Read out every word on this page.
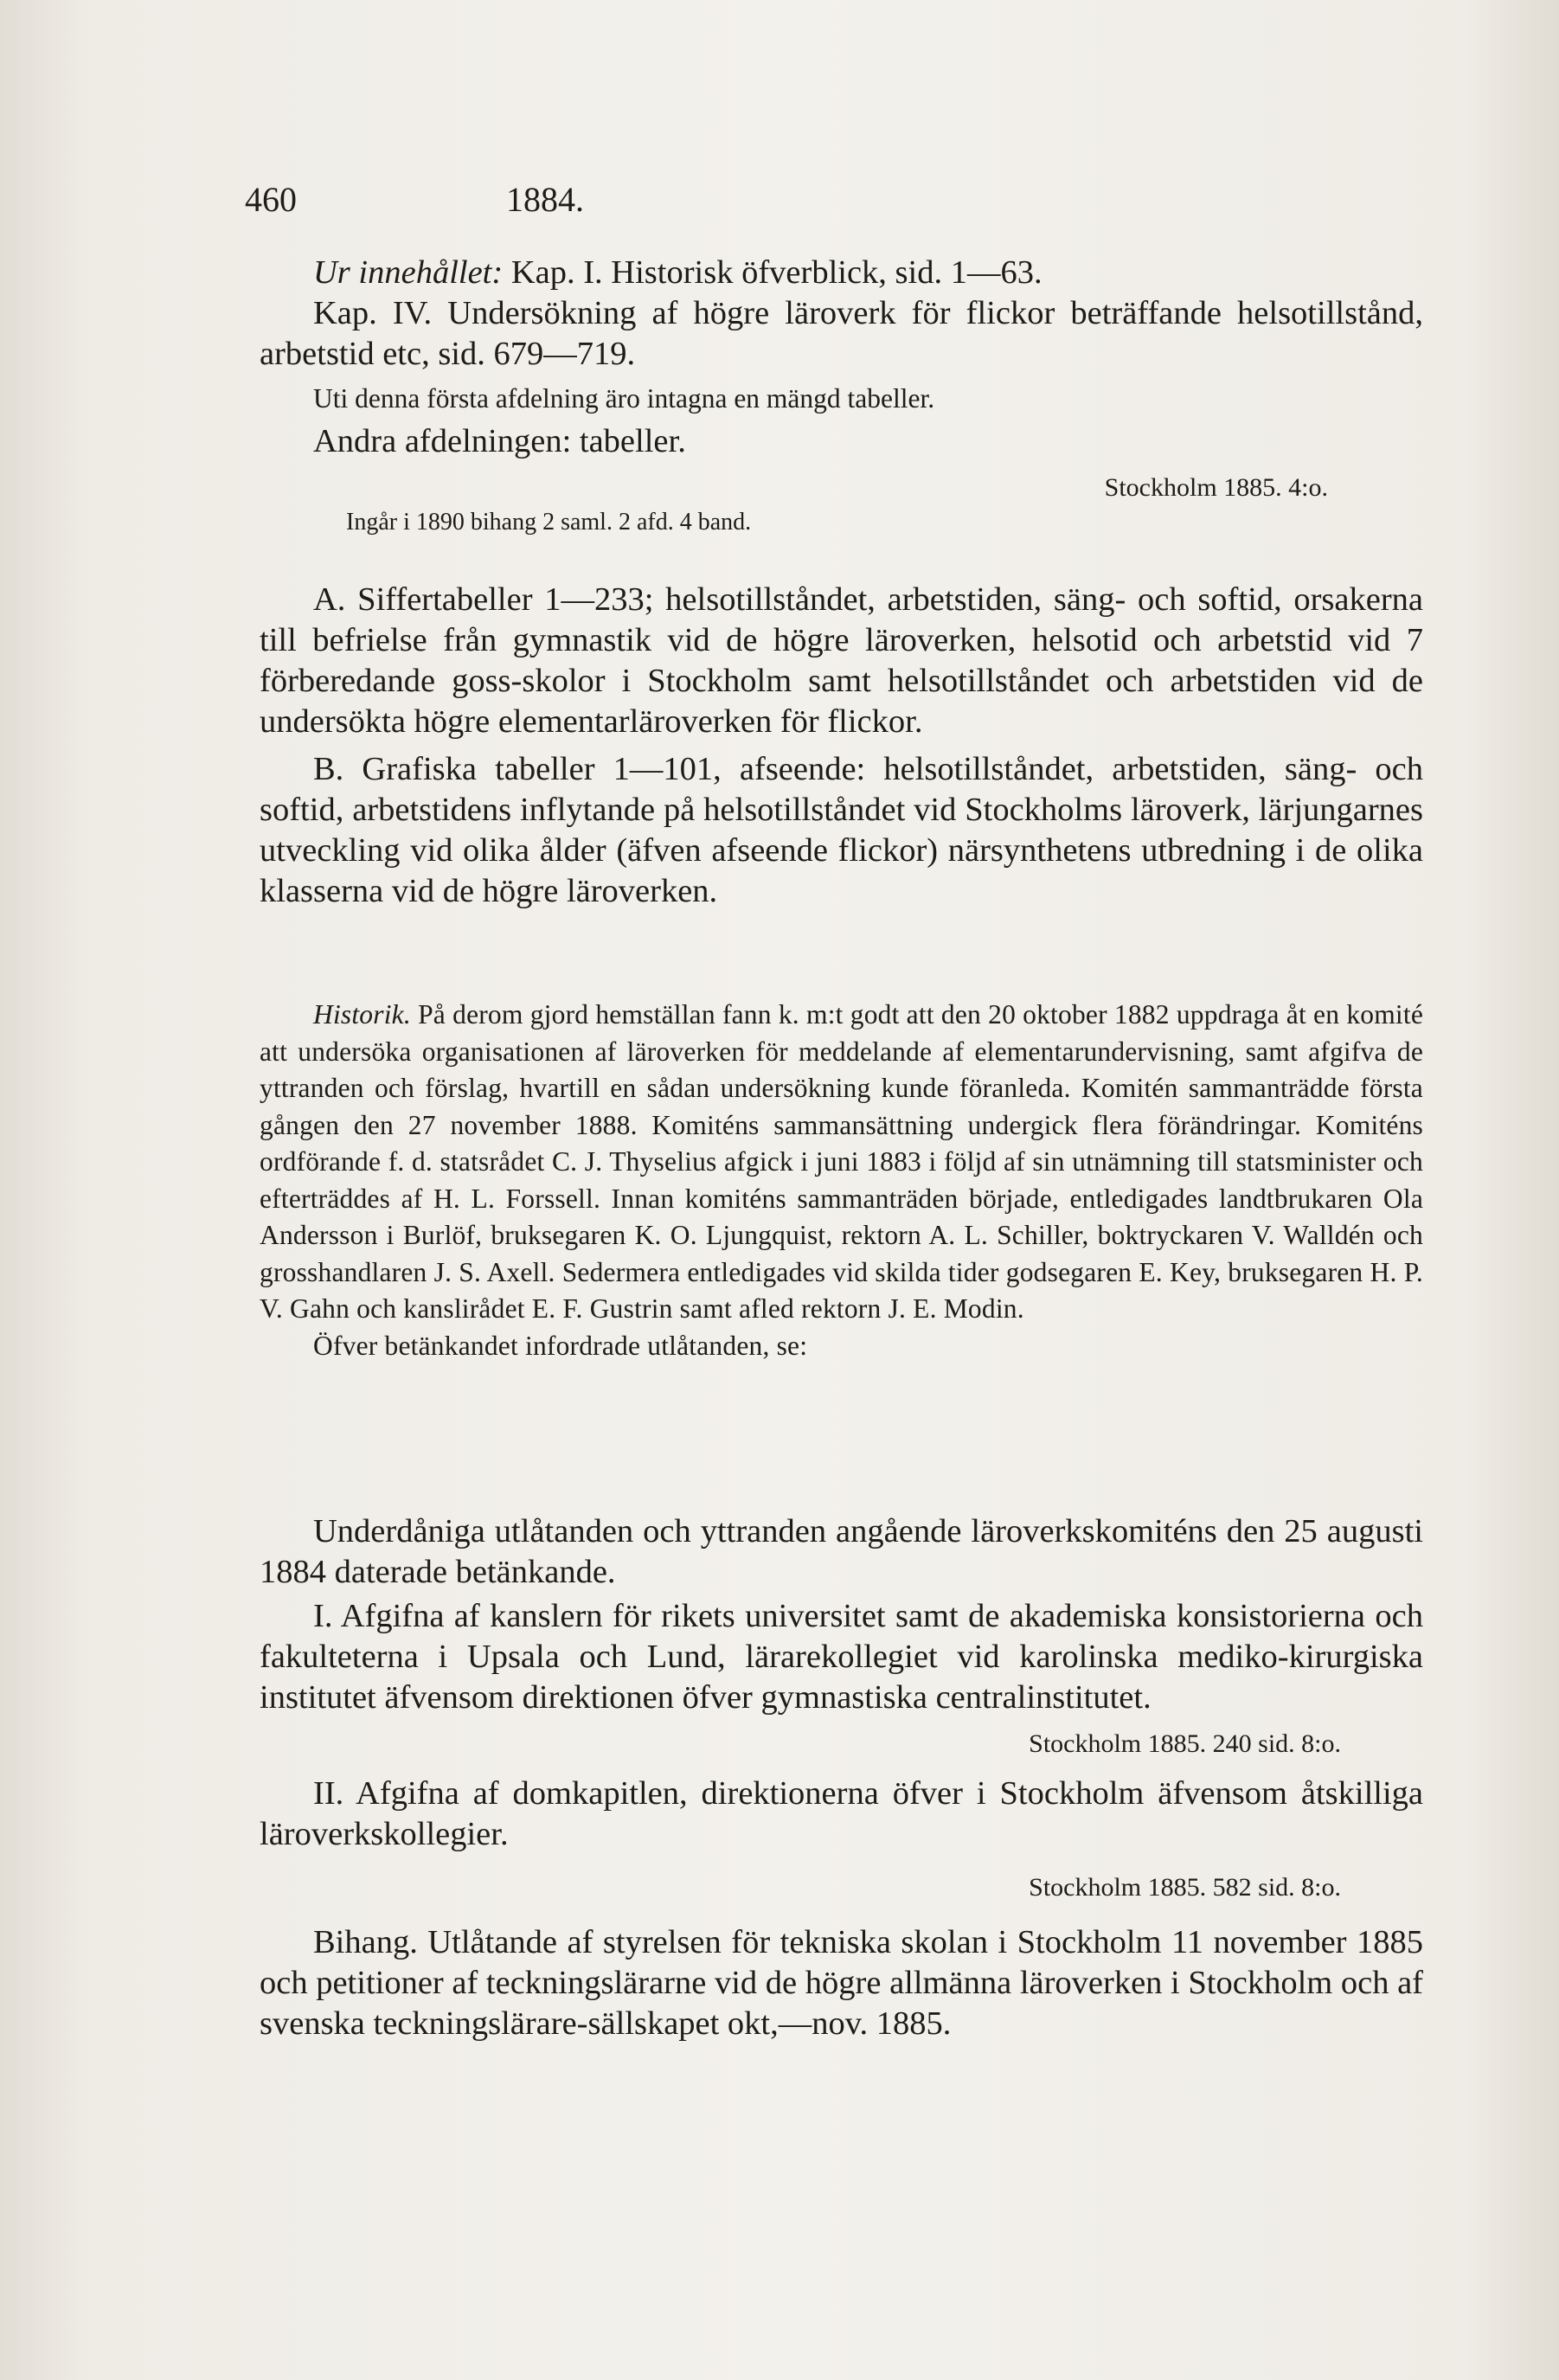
460	1884.

Ur innehållet: Kap. I. Historisk öfverblick, sid. 1—63.

Kap. IV. Undersökning af högre läroverk för flickor beträffande helsotillstånd, arbetstid etc, sid. 679—719.

Uti denna första afdelning äro intagna en mängd tabeller.

Andra afdelningen: tabeller.

Stockholm 1885. 4:o.

Ingår i 1890 bihang 2 saml. 2 afd. 4 band.

A. Siffertabeller 1—233; helsotillståndet, arbetstiden, säng- och softid, orsakerna till befrielse från gymnastik vid de högre läroverken, helsotid och arbetstid vid 7 förberedande goss-skolor i Stockholm samt helsotillståndet och arbetstiden vid de undersökta högre elementarläroverken för flickor.

B. Grafiska tabeller 1—101, afseende: helsotillståndet, arbetstiden, säng- och softid, arbetstidens inflytande på helsotillståndet vid Stockholms läroverk, lärjungarnes utveckling vid olika ålder (äfven afseende flickor) närsynthetens utbredning i de olika klasserna vid de högre läroverken.

Historik. På derom gjord hemställan fann k. m:t godt att den 20 oktober 1882 uppdraga åt en komité att undersöka organisationen af läroverken för meddelande af elementarundervisning, samt afgifva de yttranden och förslag, hvartill en sådan undersökning kunde föranleda. Komitén sammanträdde första gången den 27 november 1888. Komiténs sammansättning undergick flera förändringar. Komiténs ordförande f. d. statsrådet C. J. Thyselius afgick i juni 1883 i följd af sin utnämning till statsminister och efterträddes af H. L. Forssell. Innan komiténs sammanträden började, entledigades landtbrukaren Ola Andersson i Burlöf, bruksegaren K. O. Ljungquist, rektorn A. L. Schiller, boktryckaren V. Walldén och grosshandlaren J. S. Axell. Sedermera entledigades vid skilda tider godsegaren E. Key, bruksegaren H. P. V. Gahn och kanslirådet E. F. Gustrin samt afled rektorn J. E. Modin.

Öfver betänkandet infordrade utlåtanden, se:

Underdåniga utlåtanden och yttranden angående läroverkskomiténs den 25 augusti 1884 daterade betänkande.

I. Afgifna af kanslern för rikets universitet samt de akademiska konsistorierna och fakulteterna i Upsala och Lund, lärarekollegiet vid karolinska mediko-kirurgiska institutet äfvensom direktionen öfver gymnastiska centralinstitutet.

Stockholm 1885. 240 sid. 8:o.

II. Afgifna af domkapitlen, direktionerna öfver i Stockholm äfvensom åtskilliga läroverkskollegier.

Stockholm 1885. 582 sid. 8:o.

Bihang. Utlåtande af styrelsen för tekniska skolan i Stockholm 11 november 1885 och petitioner af teckningslärarne vid de högre allmänna läroverken i Stockholm och af svenska teckningslärare-sällskapet okt,—nov. 1885.
